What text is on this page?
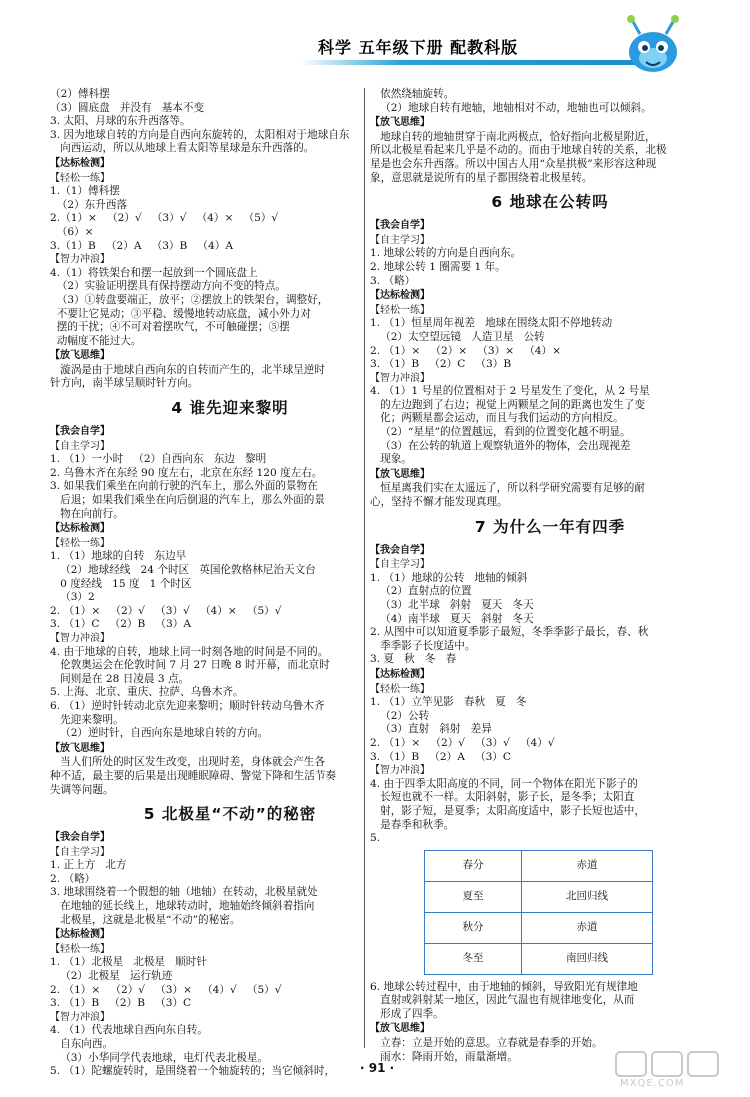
科学 五年级下册 配教科版
（2）傅科摆
（3）圆底盘   并没有   基本不变
3. 太阳、月球的东升西落等。
3. 因为地球自转的方向是自西向东旋转的，太阳相对于地球自东
向西运动，所以从地球上看太阳等星球是东升西落的。
【达标检测】
【轻松一练】
1.（1）傅科摆
（2）东升西落
2.（1）×   （2）√   （3）√   （4）×   （5）√
（6）×
3.（1）B   （2）A   （3）B   （4）A
【智力冲浪】
4.（1）将铁架台和摆一起放到一个圆底盘上
（2）实验证明摆具有保持摆动方向不变的特点。
（3）①转盘要端正，放平；②摆放上的铁架台，调整好，
不要让它晃动；③平稳、缓慢地转动底盘，减小外力对
摆的干扰；④不可对着摆吹气，不可触碰摆；⑤摆
动幅度不能过大。
【放飞思维】
漩涡是由于地球自西向东的自转而产生的，北半球呈逆时
针方向，南半球呈顺时针方向。
4 谁先迎来黎明
【我会自学】
【自主学习】
1. （1）一小时   （2）自西向东   东边   黎明
2. 乌鲁木齐在东经 90 度左右，北京在东经 120 度左右。
3. 如果我们乘坐在向前行驶的汽车上，那么外面的景物在
后退；如果我们乘坐在向后倒退的汽车上，那么外面的景
物在向前行。
【达标检测】
【轻松一练】
1. （1）地球的自转   东边早
（2）地球经线   24 个时区   英国伦敦格林尼治天文台
0 度经线   15 度   1 个时区
（3）2
2. （1）×   （2）√   （3）√   （4）×   （5）√
3. （1）C   （2）B   （3）A
【智力冲浪】
4. 由于地球的自转，地球上同一时刻各地的时间是不同的。
伦敦奥运会在伦敦时间 7 月 27 日晚 8 时开幕，而北京时
间则是在 28 日凌晨 3 点。
5. 上海、北京、重庆、拉萨、乌鲁木齐。
6. （1）逆时针转动北京先迎来黎明；顺时针转动乌鲁木齐
先迎来黎明。
（2）逆时针，自西向东是地球自转的方向。
【放飞思维】
当人们所处的时区发生改变，出现时差，身体就会产生各
种不适，最主要的后果是出现睡眠障碍、警觉下降和生活节奏
失调等问题。
5 北极星“不动”的秘密
【我会自学】
【自主学习】
1. 正上方   北方
2. （略）
3. 地球围绕着一个假想的轴（地轴）在转动，北极星就处
在地轴的延长线上，地球转动时，地轴始终倾斜着指向
北极星，这就是北极星“不动”的秘密。
【达标检测】
【轻松一练】
1. （1）北极星   北极星   顺时针
（2）北极星   运行轨迹
2. （1）×   （2）√   （3）×   （4）√   （5）√
3. （1）B   （2）B   （3）C
【智力冲浪】
4. （1）代表地球自西向东自转。
自东向西。
（3）小华同学代表地球，电灯代表北极星。
5. （1）陀螺旋转时，是围绕着一个轴旋转的；当它倾斜时，
依然绕轴旋转。
（2）地球自转有地轴，地轴相对不动，地轴也可以倾斜。
【放飞思维】
地球自转的地轴贯穿于南北两极点，恰好指向北极星附近，
所以北极星看起来几乎是不动的。而由于地球自转的关系，北极
星是也会东升西落。所以中国古人用“众星拱极”来形容这种现
象，意思就是说所有的星子都围绕着北极星转。
6 地球在公转吗
【我会自学】
【自主学习】
1. 地球公转的方向是自西向东。
2. 地球公转 1 圈需要 1 年。
3. （略）
【达标检测】
【轻松一练】
1. （1）恒星周年视差   地球在围绕太阳不停地转动
（2）太空望远镜   人造卫星   公转
2. （1）×   （2）×   （3）×   （4）×
3. （1）B   （2）C   （3）B
【智力冲浪】
4. （1）1 号星的位置相对于 2 号星发生了变化，从 2 号星
的左边跑到了右边；视觉上两颗星之间的距离也发生了变
化；两颗星都会运动，而且与我们运动的方向相反。
（2）“星星”的位置越远，看到的位置变化越不明显。
（3）在公转的轨道上观察轨道外的物体，会出现视差
现象。
【放飞思维】
恒星离我们实在太遥远了，所以科学研究需要有足够的耐
心，坚持不懈才能发现真理。
7 为什么一年有四季
【我会自学】
【自主学习】
1. （1）地球的公转   地轴的倾斜
（2）直射点的位置
（3）北半球   斜射   夏天   冬天
（4）南半球   夏天   斜射   冬天
2. 从图中可以知道夏季影子最短，冬季季影子最长，春、秋
季季影子长度适中。
3. 夏   秋   冬   春
【达标检测】
【轻松一练】
1. （1）立竿见影   春秋   夏   冬
（2）公转
（3）直射   斜射   差异
2. （1）×   （2）√   （3）√   （4）√
3. （1）B   （2）A   （3）C
【智力冲浪】
4. 由于四季太阳高度的不同，同一个物体在阳光下影子的
长短也就不一样。太阳斜射，影子长，是冬季；太阳直
射，影子短，是夏季；太阳高度适中，影子长短也适中，
是春季和秋季。
5.
春分	赤道
夏至	北回归线
秋分	赤道
冬至	南回归线
6. 地球公转过程中，由于地轴的倾斜，导致阳光有规律地
直射或斜射某一地区，因此气温也有规律地变化，从而
形成了四季。
【放飞思维】
立春：立是开始的意思。立春就是春季的开始。
雨水：降雨开始，雨量渐增。
· 91 ·
MXQE.COM
